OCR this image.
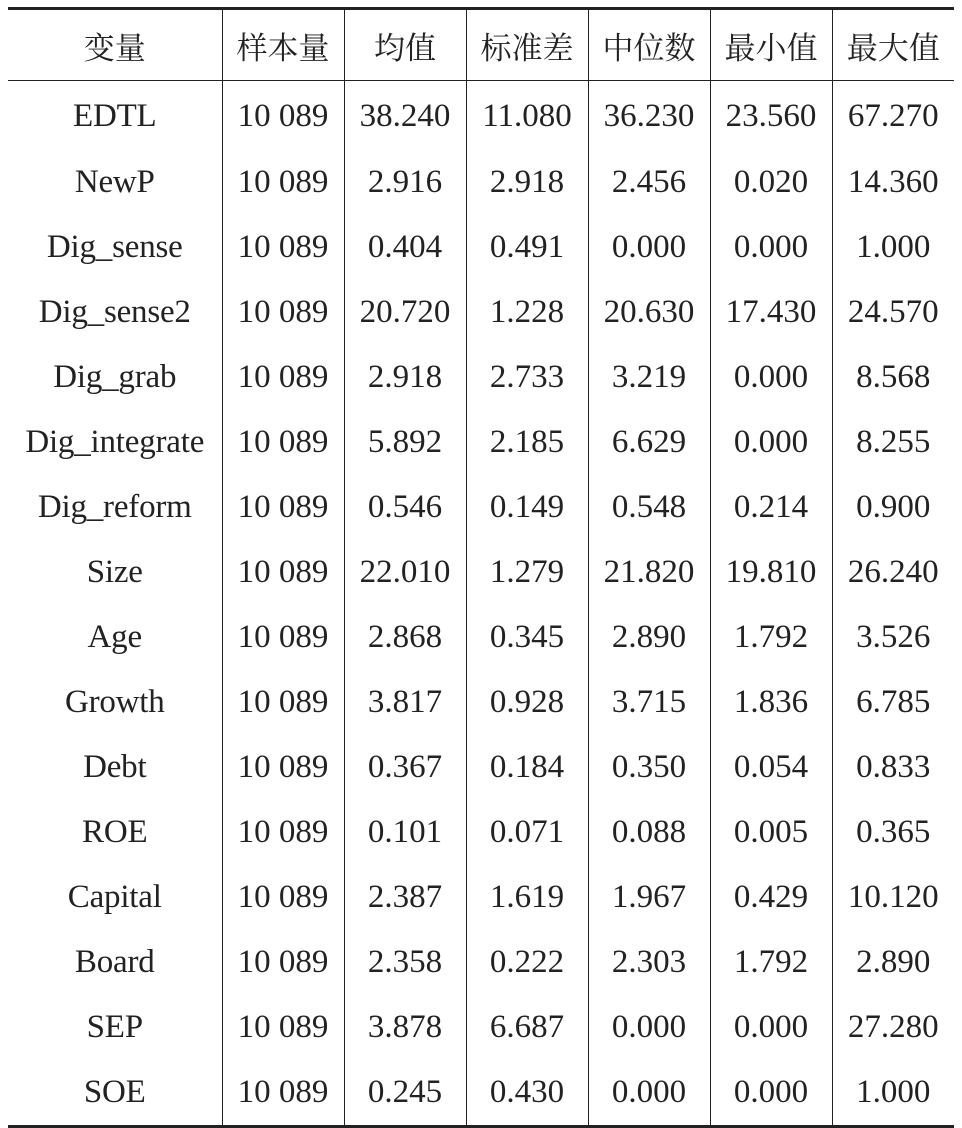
变量	样本量	均值	标准差	中位数	最小值	最大值
EDTL	10 089	38.240	11.080	36.230	23.560	67.270
NewP	10 089	2.916	2.918	2.456	0.020	14.360
Dig_sense	10 089	0.404	0.491	0.000	0.000	1.000
Dig_sense2	10 089	20.720	1.228	20.630	17.430	24.570
Dig_grab	10 089	2.918	2.733	3.219	0.000	8.568
Dig_integrate	10 089	5.892	2.185	6.629	0.000	8.255
Dig_reform	10 089	0.546	0.149	0.548	0.214	0.900
Size	10 089	22.010	1.279	21.820	19.810	26.240
Age	10 089	2.868	0.345	2.890	1.792	3.526
Growth	10 089	3.817	0.928	3.715	1.836	6.785
Debt	10 089	0.367	0.184	0.350	0.054	0.833
ROE	10 089	0.101	0.071	0.088	0.005	0.365
Capital	10 089	2.387	1.619	1.967	0.429	10.120
Board	10 089	2.358	0.222	2.303	1.792	2.890
SEP	10 089	3.878	6.687	0.000	0.000	27.280
SOE	10 089	0.245	0.430	0.000	0.000	1.000
